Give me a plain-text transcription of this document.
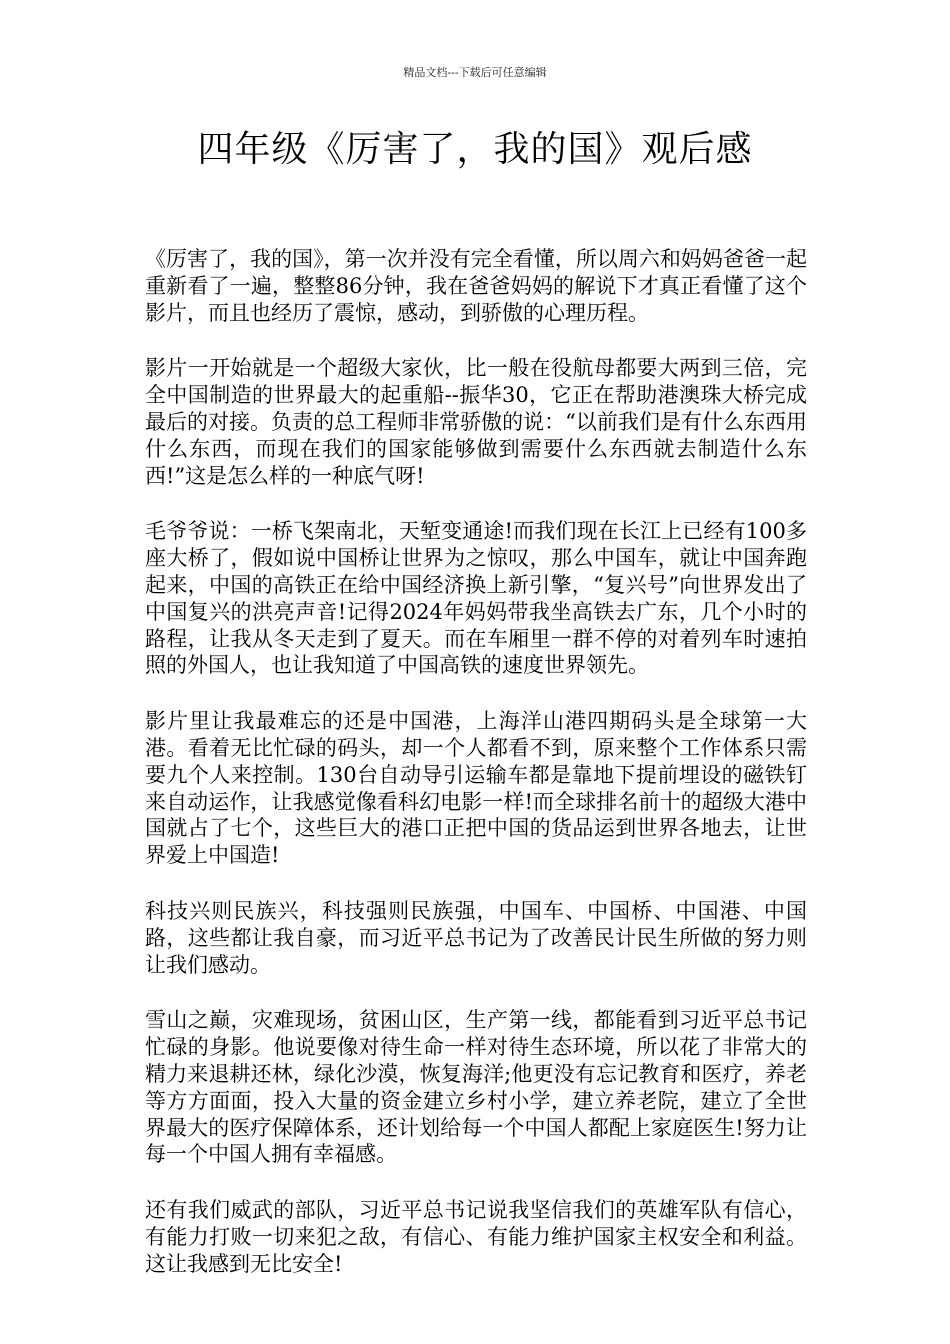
精品文档---下载后可任意编辑
四年级《厉害了，我的国》观后感

《厉害了，我的国》，第一次并没有完全看懂，所以周六和妈妈爸爸一起重新看了一遍，整整86分钟，我在爸爸妈妈的解说下才真正看懂了这个影片，而且也经历了震惊，感动，到骄傲的心理历程。

影片一开始就是一个超级大家伙，比一般在役航母都要大两到三倍，完全中国制造的世界最大的起重船--振华30，它正在帮助港澳珠大桥完成最后的对接。负责的总工程师非常骄傲的说：“以前我们是有什么东西用什么东西，而现在我们的国家能够做到需要什么东西就去制造什么东西!”这是怎么样的一种底气呀!

毛爷爷说：一桥飞架南北，天堑变通途!而我们现在长江上已经有100多座大桥了，假如说中国桥让世界为之惊叹，那么中国车，就让中国奔跑起来，中国的高铁正在给中国经济换上新引擎，“复兴号”向世界发出了中国复兴的洪亮声音!记得2024年妈妈带我坐高铁去广东，几个小时的路程，让我从冬天走到了夏天。而在车厢里一群不停的对着列车时速拍照的外国人，也让我知道了中国高铁的速度世界领先。

影片里让我最难忘的还是中国港，上海洋山港四期码头是全球第一大港。看着无比忙碌的码头，却一个人都看不到，原来整个工作体系只需要九个人来控制。130台自动导引运输车都是靠地下提前埋设的磁铁钉来自动运作，让我感觉像看科幻电影一样!而全球排名前十的超级大港中国就占了七个，这些巨大的港口正把中国的货品运到世界各地去，让世界爱上中国造!

科技兴则民族兴，科技强则民族强，中国车、中国桥、中国港、中国路，这些都让我自豪，而习近平总书记为了改善民计民生所做的努力则让我们感动。

雪山之巅，灾难现场，贫困山区，生产第一线，都能看到习近平总书记忙碌的身影。他说要像对待生命一样对待生态环境，所以花了非常大的精力来退耕还林，绿化沙漠，恢复海洋;他更没有忘记教育和医疗，养老等方方面面，投入大量的资金建立乡村小学，建立养老院，建立了全世界最大的医疗保障体系，还计划给每一个中国人都配上家庭医生!努力让每一个中国人拥有幸福感。

还有我们威武的部队，习近平总书记说我坚信我们的英雄军队有信心，有能力打败一切来犯之敌，有信心、有能力维护国家主权安全和利益。这让我感到无比安全!
